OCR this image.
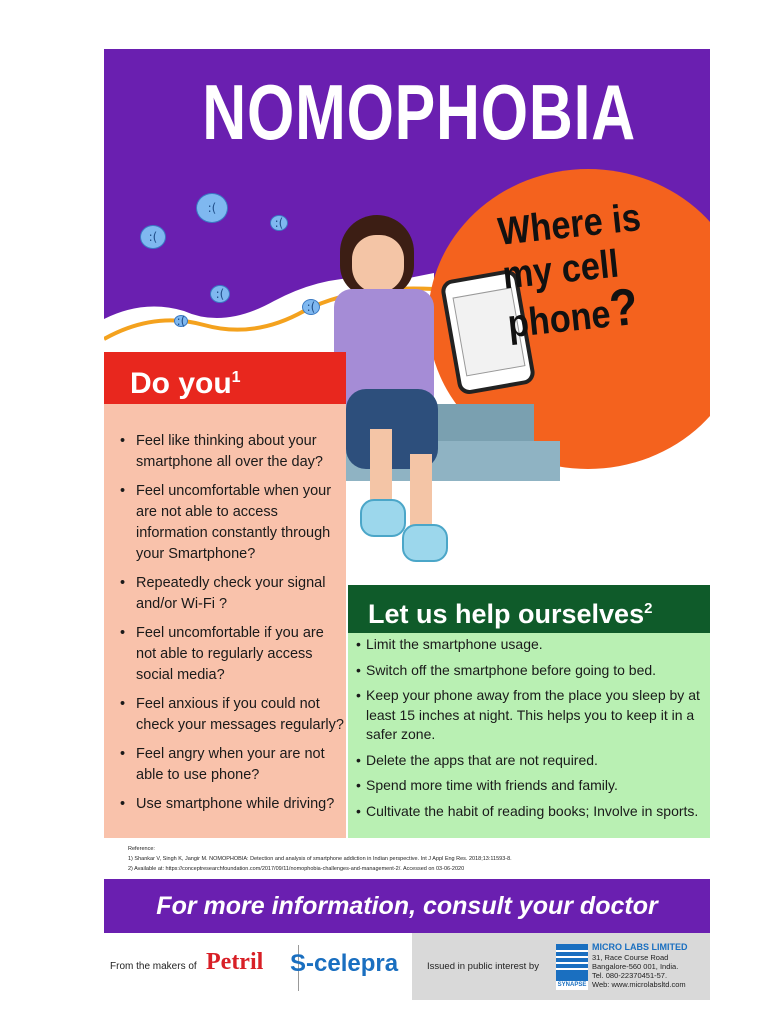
NOMOPHOBIA
:(
:(
:(
:(
:(
:(
Where is
my cell
phone?
Do you$^1$
• Feel like thinking about your smartphone all over the day?
• Feel uncomfortable when your are not able to access information constantly through your Smartphone?
• Repeatedly check your signal and/or Wi-Fi ?
• Feel uncomfortable if you are not able to regularly access social media?
• Feel anxious if you could not check your messages regularly?
• Feel angry when your are not able to use phone?
• Use smartphone while driving?
Let us help ourselves$^2$
• Limit the smartphone usage.
• Switch off the smartphone before going to bed.
• Keep your phone away from the place you sleep by at least 15 inches at night. This helps you to keep it in a safer zone.
• Delete the apps that are not required.
• Spend more time with friends and family.
• Cultivate the habit of reading books; Involve in sports.
Reference:
1) Shankar V, Singh K, Jangir M. NOMOPHOBIA: Detection and analysis of smartphone addiction in Indian perspective. Int J Appl Eng Res. 2018;13:11593-8.
2) Available at: https://conceptresearchfoundation.com/2017/09/11/nomophobia-challenges-and-management-2/. Accessed on 03-06-2020
For more information, consult your doctor
From the makers of Petril S-celepra	Issued in public interest by
SYNAPSE
MICRO LABS LIMITED
31, Race Course Road
Bangalore-560 001, India.
Tel. 080-22370451-57.
Web: www.microlabsltd.com
